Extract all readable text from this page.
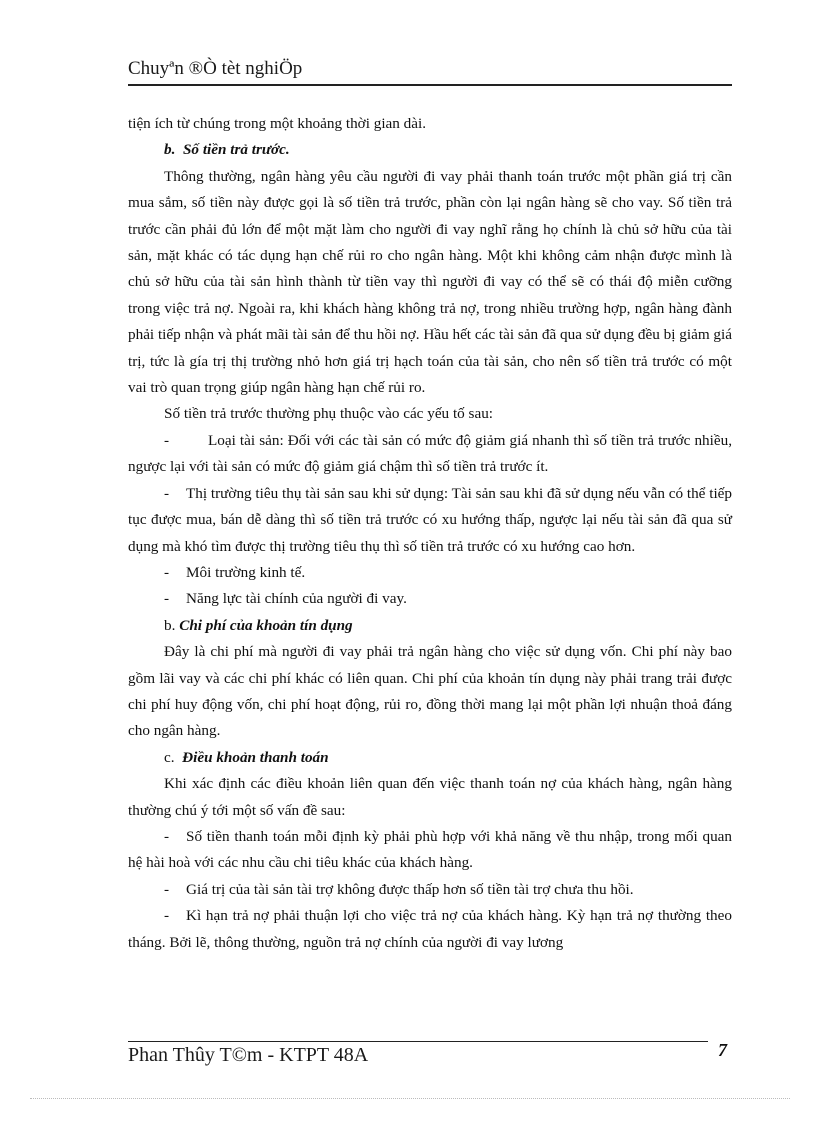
Chuyªn ®Ò tèt nghiÖp

tiện ích từ chúng trong một khoảng thời gian dài.

b. Số tiền trả trước.

Thông thường, ngân hàng yêu cầu người đi vay phải thanh toán trước một phần giá trị cần mua sắm, số tiền này được gọi là số tiền trả trước, phần còn lại ngân hàng sẽ cho vay. Số tiền trả trước cần phải đủ lớn để một mặt làm cho người đi vay nghĩ rằng họ chính là chủ sở hữu của tài sản, mặt khác có tác dụng hạn chế rủi ro cho ngân hàng. Một khi không cảm nhận được mình là chủ sở hữu của tài sản hình thành từ tiền vay thì người đi vay có thể sẽ có thái độ miễn cưỡng trong việc trả nợ. Ngoài ra, khi khách hàng không trả nợ, trong nhiều trường hợp, ngân hàng đành phải tiếp nhận và phát mãi tài sản để thu hồi nợ. Hầu hết các tài sản đã qua sử dụng đều bị giảm giá trị, tức là gía trị thị trường nhỏ hơn giá trị hạch toán của tài sản, cho nên số tiền trả trước có một vai trò quan trọng giúp ngân hàng hạn chế rủi ro.

Số tiền trả trước thường phụ thuộc vào các yếu tố sau:

-	Loại tài sản: Đối với các tài sản có mức độ giảm giá nhanh thì số tiền trả trước nhiều, ngược lại với tài sản có mức độ giảm giá chậm thì số tiền trả trước ít.

- Thị trường tiêu thụ tài sản sau khi sử dụng: Tài sản sau khi đã sử dụng nếu vẫn có thể tiếp tục được mua, bán dễ dàng thì số tiền trả trước có xu hướng thấp, ngược lại nếu tài sản đã qua sử dụng mà khó tìm được thị trường tiêu thụ thì số tiền trả trước có xu hướng cao hơn.

- Môi trường kinh tế.

- Năng lực tài chính của người đi vay.

b. Chi phí của khoản tín dụng

Đây là chi phí mà người đi vay phải trả ngân hàng cho việc sử dụng vốn. Chi phí này bao gồm lãi vay và các chi phí khác có liên quan. Chi phí của khoản tín dụng này phải trang trải được chi phí huy động vốn, chi phí hoạt động, rủi ro, đồng thời mang lại một phần lợi nhuận thoả đáng cho ngân hàng.

c. Điều khoản thanh toán

Khi xác định các điều khoản liên quan đến việc thanh toán nợ của khách hàng, ngân hàng thường chú ý tới một số vấn đề sau:

- Số tiền thanh toán mỗi định kỳ phải phù hợp với khả năng về thu nhập, trong mối quan hệ hài hoà với các nhu cầu chi tiêu khác của khách hàng.

- Giá trị của tài sản tài trợ không được thấp hơn số tiền tài trợ chưa thu hồi.

- Kì hạn trả nợ phải thuận lợi cho việc trả nợ của khách hàng. Kỳ hạn trả nợ thường theo tháng. Bởi lẽ, thông thường, nguồn trả nợ chính của người đi vay lương

Phan Thûy T©m - KTPT 48A	7
